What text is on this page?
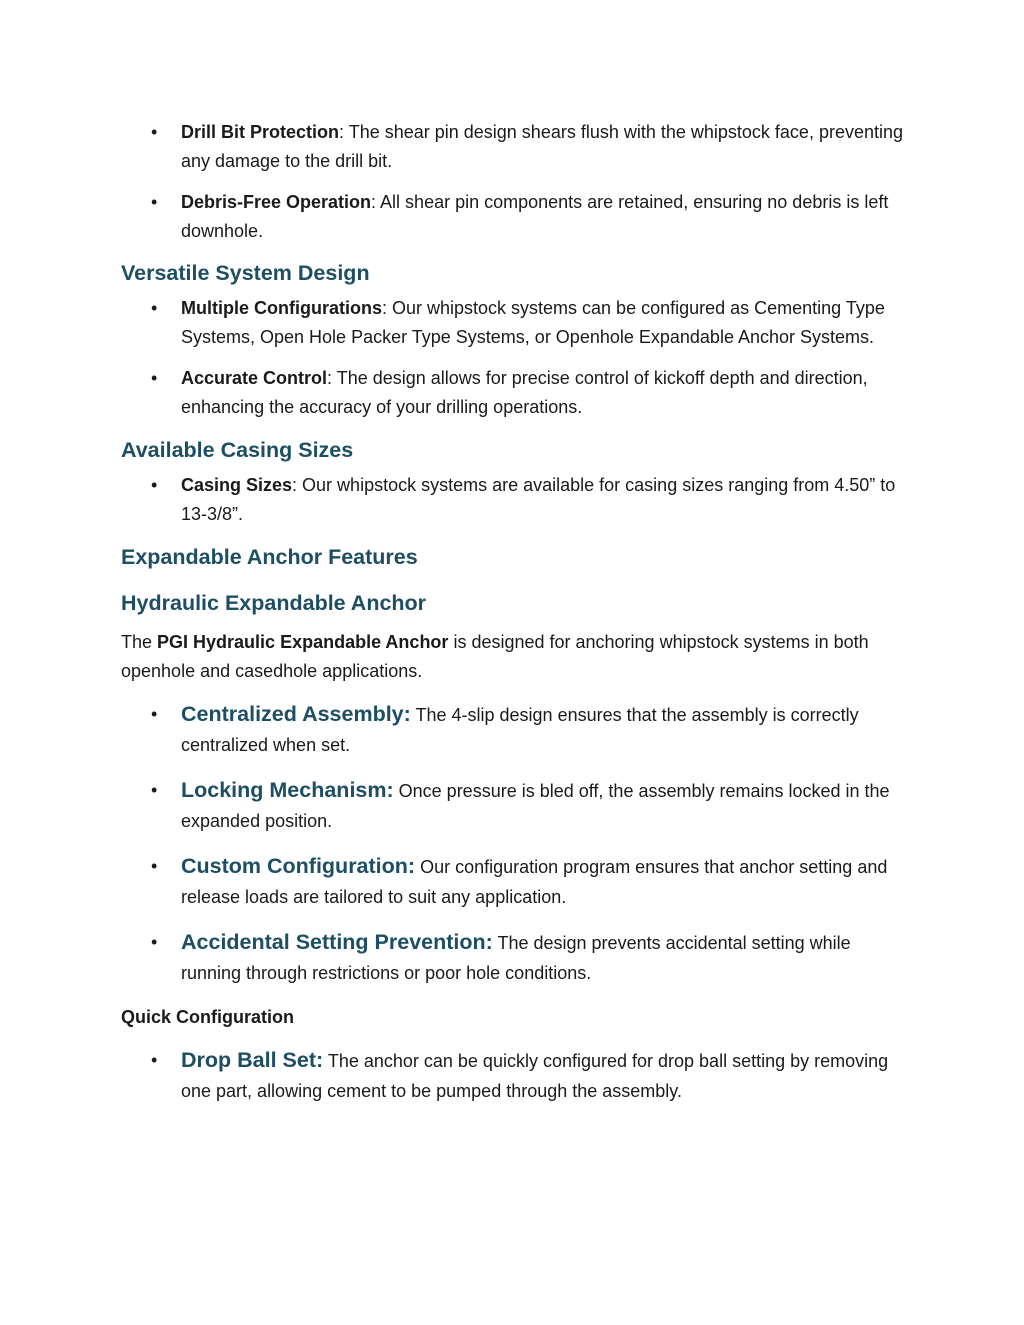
• Drill Bit Protection: The shear pin design shears flush with the whipstock face, preventing any damage to the drill bit.
• Debris-Free Operation: All shear pin components are retained, ensuring no debris is left downhole.
Versatile System Design
• Multiple Configurations: Our whipstock systems can be configured as Cementing Type Systems, Open Hole Packer Type Systems, or Openhole Expandable Anchor Systems.
• Accurate Control: The design allows for precise control of kickoff depth and direction, enhancing the accuracy of your drilling operations.
Available Casing Sizes
• Casing Sizes: Our whipstock systems are available for casing sizes ranging from 4.50” to 13-3/8”.
Expandable Anchor Features
Hydraulic Expandable Anchor

The PGI Hydraulic Expandable Anchor is designed for anchoring whipstock systems in both openhole and casedhole applications.

• Centralized Assembly: The 4-slip design ensures that the assembly is correctly centralized when set.
• Locking Mechanism: Once pressure is bled off, the assembly remains locked in the expanded position.
• Custom Configuration: Our configuration program ensures that anchor setting and release loads are tailored to suit any application.
• Accidental Setting Prevention: The design prevents accidental setting while running through restrictions or poor hole conditions.
Quick Configuration
• Drop Ball Set: The anchor can be quickly configured for drop ball setting by removing one part, allowing cement to be pumped through the assembly.
